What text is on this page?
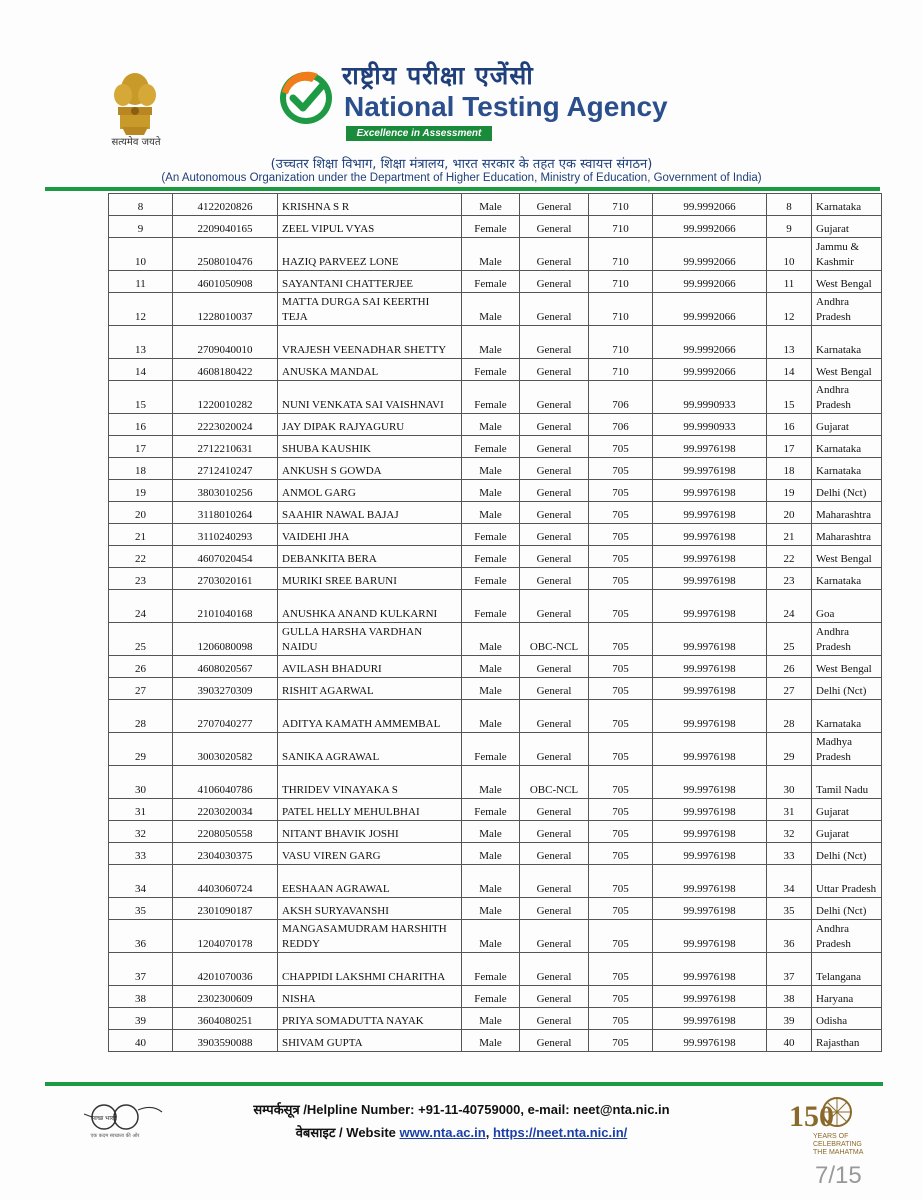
सत्यमेव जयते
राष्ट्रीय परीक्षा एजेंसी
National Testing Agency
Excellence in Assessment
(उच्चतर शिक्षा विभाग, शिक्षा मंत्रालय, भारत सरकार के तहत एक स्वायत्त संगठन)
(An Autonomous Organization under the Department of Higher Education, Ministry of Education, Government of India)
8	4122020826	KRISHNA S R	Male	General	710	99.9992066	8	Karnataka
9	2209040165	ZEEL VIPUL VYAS	Female	General	710	99.9992066	9	Gujarat
10	2508010476	HAZIQ PARVEEZ LONE	Male	General	710	99.9992066	10	Jammu & Kashmir
11	4601050908	SAYANTANI CHATTERJEE	Female	General	710	99.9992066	11	West Bengal
12	1228010037	MATTA DURGA SAI KEERTHI TEJA	Male	General	710	99.9992066	12	Andhra Pradesh
13	2709040010	VRAJESH VEENADHAR SHETTY	Male	General	710	99.9992066	13	Karnataka
14	4608180422	ANUSKA MANDAL	Female	General	710	99.9992066	14	West Bengal
15	1220010282	NUNI VENKATA SAI VAISHNAVI	Female	General	706	99.9990933	15	Andhra Pradesh
16	2223020024	JAY DIPAK RAJYAGURU	Male	General	706	99.9990933	16	Gujarat
17	2712210631	SHUBA KAUSHIK	Female	General	705	99.9976198	17	Karnataka
18	2712410247	ANKUSH S GOWDA	Male	General	705	99.9976198	18	Karnataka
19	3803010256	ANMOL GARG	Male	General	705	99.9976198	19	Delhi (Nct)
20	3118010264	SAAHIR NAWAL BAJAJ	Male	General	705	99.9976198	20	Maharashtra
21	3110240293	VAIDEHI JHA	Female	General	705	99.9976198	21	Maharashtra
22	4607020454	DEBANKITA BERA	Female	General	705	99.9976198	22	West Bengal
23	2703020161	MURIKI SREE BARUNI	Female	General	705	99.9976198	23	Karnataka
24	2101040168	ANUSHKA ANAND KULKARNI	Female	General	705	99.9976198	24	Goa
25	1206080098	GULLA HARSHA VARDHAN NAIDU	Male	OBC-NCL	705	99.9976198	25	Andhra Pradesh
26	4608020567	AVILASH BHADURI	Male	General	705	99.9976198	26	West Bengal
27	3903270309	RISHIT AGARWAL	Male	General	705	99.9976198	27	Delhi (Nct)
28	2707040277	ADITYA KAMATH AMMEMBAL	Male	General	705	99.9976198	28	Karnataka
29	3003020582	SANIKA AGRAWAL	Female	General	705	99.9976198	29	Madhya Pradesh
30	4106040786	THRIDEV VINAYAKA S	Male	OBC-NCL	705	99.9976198	30	Tamil Nadu
31	2203020034	PATEL HELLY MEHULBHAI	Female	General	705	99.9976198	31	Gujarat
32	2208050558	NITANT BHAVIK JOSHI	Male	General	705	99.9976198	32	Gujarat
33	2304030375	VASU VIREN GARG	Male	General	705	99.9976198	33	Delhi (Nct)
34	4403060724	EESHAAN AGRAWAL	Male	General	705	99.9976198	34	Uttar Pradesh
35	2301090187	AKSH SURYAVANSHI	Male	General	705	99.9976198	35	Delhi (Nct)
36	1204070178	MANGASAMUDRAM HARSHITH REDDY	Male	General	705	99.9976198	36	Andhra Pradesh
37	4201070036	CHAPPIDI LAKSHMI CHARITHA	Female	General	705	99.9976198	37	Telangana
38	2302300609	NISHA	Female	General	705	99.9976198	38	Haryana
39	3604080251	PRIYA SOMADUTTA NAYAK	Male	General	705	99.9976198	39	Odisha
40	3903590088	SHIVAM GUPTA	Male	General	705	99.9976198	40	Rajasthan
स्वच्छ भारत
एक कदम स्वच्छता की ओर
सम्पर्कसूत्र /Helpline Number: +91-11-40759000, e-mail: neet@nta.nic.in
वेबसाइट / Website www.nta.ac.in, https://neet.nta.nic.in/	150
YEARS OF
CELEBRATING
THE MAHATMA
7/15
